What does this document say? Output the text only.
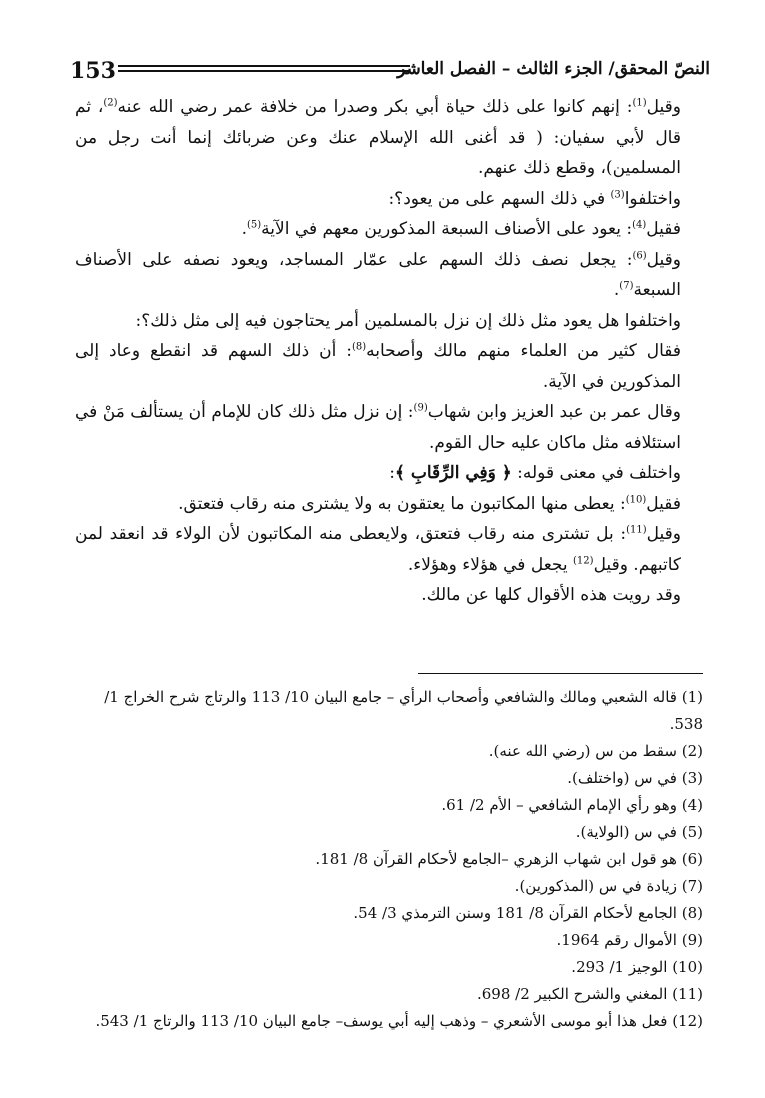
153	النصّ المحقق/ الجزء الثالث – الفصل العاشر

وقيل$^{(1)}$: إنهم كانوا على ذلك حياة أبي بكر وصدرا من خلافة عمر رضي الله عنه$^{(2)}$، ثم قال لأبي سفيان: ( قد أغنى الله الإسلام عنك وعن ضربائك إنما أنت رجل من المسلمين)، وقطع ذلك عنهم.

واختلفوا$^{(3)}$ في ذلك السهم على من يعود؟:

فقيل$^{(4)}$: يعود على الأصناف السبعة المذكورين معهم في الآية$^{(5)}$.

وقيل$^{(6)}$: يجعل نصف ذلك السهم على عمّار المساجد، ويعود نصفه على الأصناف السبعة$^{(7)}$.

واختلفوا هل يعود مثل ذلك إن نزل بالمسلمين أمر يحتاجون فيه إلى مثل ذلك؟:

فقال كثير من العلماء منهم مالك وأصحابه$^{(8)}$: أن ذلك السهم قد انقطع وعاد إلى المذكورين في الآية.

وقال عمر بن عبد العزيز وابن شهاب$^{(9)}$: إن نزل مثل ذلك كان للإمام أن يستألف مَنْ في استئلافه مثل ماكان عليه حال القوم.

واختلف في معنى قوله: ﴿ وَفِي الرِّقَابِ ﴾:

فقيل$^{(10)}$: يعطى منها المكاتبون ما يعتقون به ولا يشترى منه رقاب فتعتق.

وقيل$^{(11)}$: بل تشترى منه رقاب فتعتق، ولايعطى منه المكاتبون لأن الولاء قد انعقد لمن كاتبهم. وقيل$^{(12)}$ يجعل في هؤلاء وهؤلاء.

وقد رويت هذه الأقوال كلها عن مالك.

(1) قاله الشعبي ومالك والشافعي وأصحاب الرأي – جامع البيان 10/ 113 والرتاج شرح الخراج 1/ 538.

(2) سقط من س (رضي الله عنه).

(3) في س (واختلف).

(4) وهو رأي الإمام الشافعي – الأم 2/ 61.

(5) في س (الولاية).

(6) هو قول ابن شهاب الزهري –الجامع لأحكام القرآن 8/ 181.

(7) زيادة في س (المذكورين).

(8) الجامع لأحكام القرآن 8/ 181 وسنن الترمذي 3/ 54.

(9) الأموال رقم 1964.

(10) الوجيز 1/ 293.

(11) المغني والشرح الكبير 2/ 698.

(12) فعل هذا أبو موسى الأشعري – وذهب إليه أبي يوسف– جامع البيان 10/ 113 والرتاج 1/ 543.
